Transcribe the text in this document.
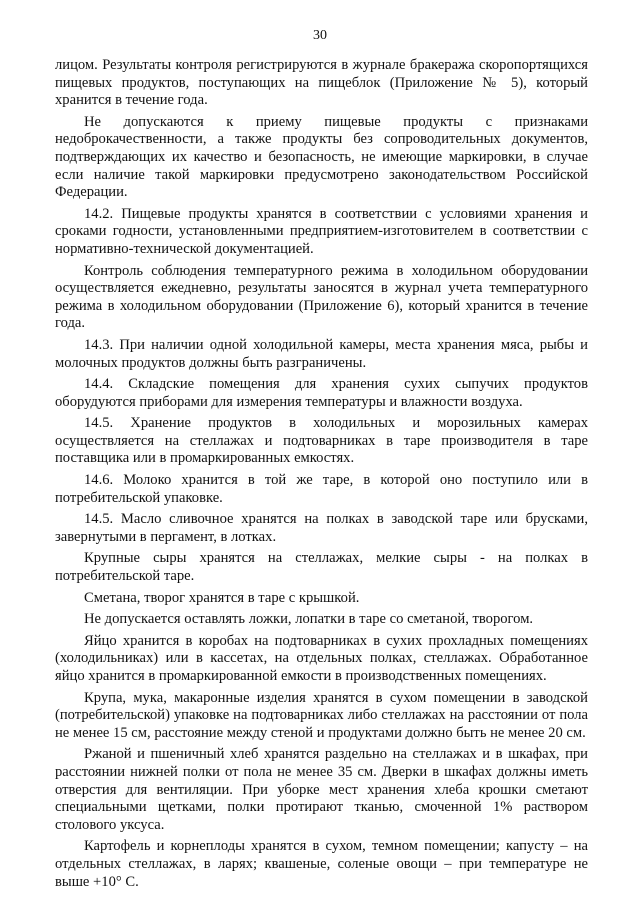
30

лицом. Результаты контроля регистрируются в журнале бракеража скоропортящихся пищевых продуктов, поступающих на пищеблок (Приложение № 5), который хранится в течение года.

Не допускаются к приему пищевые продукты с признаками недоброкачественности, а также продукты без сопроводительных документов, подтверждающих их качество и безопасность, не имеющие маркировки, в случае если наличие такой маркировки предусмотрено законодательством Российской Федерации.

14.2. Пищевые продукты хранятся в соответствии с условиями хранения и сроками годности, установленными предприятием-изготовителем в соответствии с нормативно-технической документацией.

Контроль соблюдения температурного режима в холодильном оборудовании осуществляется ежедневно, результаты заносятся в журнал учета температурного режима в холодильном оборудовании (Приложение 6), который хранится в течение года.

14.3. При наличии одной холодильной камеры, места хранения мяса, рыбы и молочных продуктов должны быть разграничены.

14.4. Складские помещения для хранения сухих сыпучих продуктов оборудуются приборами для измерения температуры и влажности воздуха.

14.5. Хранение продуктов в холодильных и морозильных камерах осуществляется на стеллажах и подтоварниках в таре производителя в таре поставщика или в промаркированных емкостях.

14.6. Молоко хранится в той же таре, в которой оно поступило или в потребительской упаковке.

14.5. Масло сливочное хранятся на полках в заводской таре или брусками, завернутыми в пергамент, в лотках.

Крупные сыры хранятся на стеллажах, мелкие сыры - на полках в потребительской таре.

Сметана, творог хранятся в таре с крышкой.

Не допускается оставлять ложки, лопатки в таре со сметаной, творогом.

Яйцо хранится в коробах на подтоварниках в сухих прохладных помещениях (холодильниках) или в кассетах, на отдельных полках, стеллажах. Обработанное яйцо хранится в промаркированной емкости в производственных помещениях.

Крупа, мука, макаронные изделия хранятся в сухом помещении в заводской (потребительской) упаковке на подтоварниках либо стеллажах на расстоянии от пола не менее 15 см, расстояние между стеной и продуктами должно быть не менее 20 см.

Ржаной и пшеничный хлеб хранятся раздельно на стеллажах и в шкафах, при расстоянии нижней полки от пола не менее 35 см. Дверки в шкафах должны иметь отверстия для вентиляции. При уборке мест хранения хлеба крошки сметают специальными щетками, полки протирают тканью, смоченной 1% раствором столового уксуса.

Картофель и корнеплоды хранятся в сухом, темном помещении; капусту – на отдельных стеллажах, в ларях; квашеные, соленые овощи – при температуре не выше +10° С.
